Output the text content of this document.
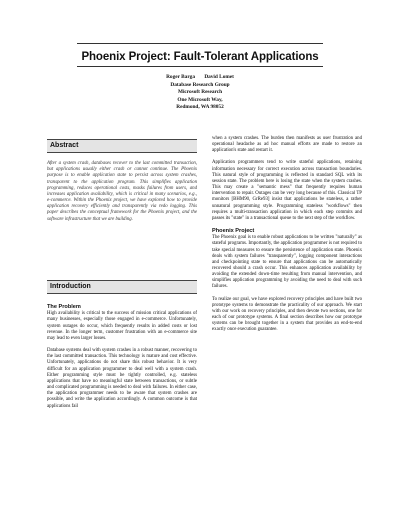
Phoenix Project: Fault-Tolerant Applications
Roger Barga David Lomet
Database Research Group
Microsoft Research
One Microsoft Way,
Redmond, WA 98052
Abstract
After a system crash, databases recover to the last committed transaction, but applications usually either crash or cannot continue. The Phoenix purpose is to enable application state to persist across system crashes, transparent to the application program. This simplifies application programming, reduces operational costs, masks failures from users, and increases application availability, which is critical in many scenarios, e.g., e-commerce. Within the Phoenix project, we have explored how to provide application recovery efficiently and transparently via redo logging. This paper describes the conceptual framework for the Phoenix project, and the software infrastructure that we are building.
Introduction
The Problem

High availability is critical to the success of mission critical applications of many businesses, especially those engaged in e-commerce. Unfortunately, system outages do occur, which frequently results in added costs or lost revenue. In the longer term, customer frustration with an e-commerce site may lead to even larger losses.

Database systems deal with system crashes in a robust manner, recovering to the last committed transaction. This technology is mature and cost effective. Unfortunately, applications do not share this robust behavior. It is very difficult for an application programmer to deal well with a system crash. Either programming style must be tightly controlled, e.g. stateless applications that have no meaningful state between transactions, or subtle and complicated programming is needed to deal with failures. In either case, the application programmer needs to be aware that system crashes are possible, and write the application accordingly. A common outcome is that applications fail

when a system crashes. The burden then manifests as user frustration and operational headache as ad hoc manual efforts are made to restore an application's state and restart it.

Application programmers tend to write stateful applications, retaining information necessary for correct execution across transaction boundaries. This natural style of programming is reflected in standard SQL with its session state. The problem here is losing the state when the system crashes. This may create a "semantic mess" that frequently requires human intervention to repair. Outages can be very long because of this. Classical TP monitors [BHM90, GrRe93] insist that applications be stateless, a rather unnatural programming style. Programming stateless "workflows" then requires a multi-transaction application in which each step commits and passes its "state" in a transactional queue to the next step of the workflow.

Phoenix Project

The Phoenix goal is to enable robust applications to be written "naturally" as stateful programs. Importantly, the application programmer is not required to take special measures to ensure the persistence of application state. Phoenix deals with system failures "transparently", logging component interactions and checkpointing state to ensure that applications can be automatically recovered should a crash occur. This enhances application availability by avoiding the extended down-time resulting from manual intervention, and simplifies application programming by avoiding the need to deal with such failures.

To realize our goal, we have explored recovery principles and have built two prototype systems to demonstrate the practicality of our approach. We start with our work on recovery principles, and then devote two sections, one for each of our prototype systems. A final section describes how our prototype systems can be brought together in a system that provides an end-to-end exactly once execution guarantee.
